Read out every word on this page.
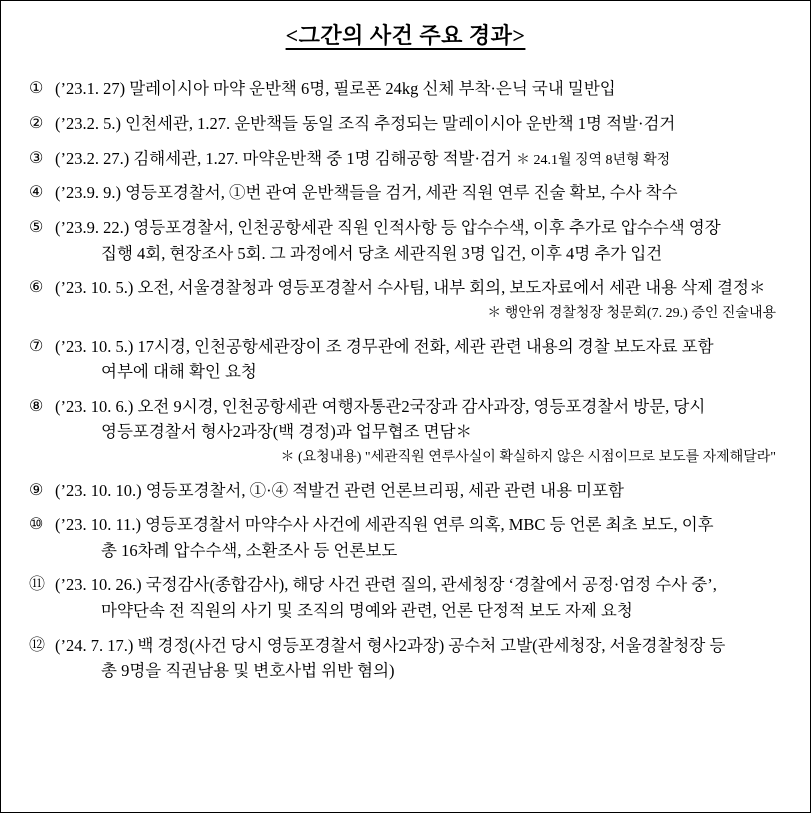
<그간의 사건 주요 경과>
① (’23.1. 27) 말레이시아 마약 운반책 6명, 필로폰 24kg 신체 부착·은닉 국내 밀반입
② (’23.2. 5.) 인천세관, 1.27. 운반책들 동일 조직 추정되는 말레이시아 운반책 1명 적발·검거
③ (’23.2. 27.) 김해세관, 1.27. 마약운반책 중 1명 김해공항 적발·검거 ＊ 24.1월 징역 8년형 확정
④ (’23.9. 9.) 영등포경찰서, ①번 관여 운반책들을 검거, 세관 직원 연루 진술 확보, 수사 착수
⑤ (’23.9. 22.) 영등포경찰서, 인천공항세관 직원 인적사항 등 압수수색, 이후 추가로 압수수색 영장
집행 4회, 현장조사 5회. 그 과정에서 당초 세관직원 3명 입건, 이후 4명 추가 입건
⑥ (’23. 10. 5.) 오전, 서울경찰청과 영등포경찰서 수사팀, 내부 회의, 보도자료에서 세관 내용 삭제 결정＊
＊ 행안위 경찰청장 청문회(7. 29.) 증인 진술내용
⑦ (’23. 10. 5.) 17시경, 인천공항세관장이 조 경무관에 전화, 세관 관련 내용의 경찰 보도자료 포함
여부에 대해 확인 요청
⑧ (’23. 10. 6.) 오전 9시경, 인천공항세관 여행자통관2국장과 감사과장, 영등포경찰서 방문, 당시
영등포경찰서 형사2과장(백 경정)과 업무협조 면담＊
＊ (요청내용) "세관직원 연루사실이 확실하지 않은 시점이므로 보도를 자제해달라"
⑨ (’23. 10. 10.) 영등포경찰서, ①·④ 적발건 관련 언론브리핑, 세관 관련 내용 미포함
⑩ (’23. 10. 11.) 영등포경찰서 마약수사 사건에 세관직원 연루 의혹, MBC 등 언론 최초 보도, 이후
총 16차례 압수수색, 소환조사 등 언론보도
⑪ (’23. 10. 26.) 국정감사(종합감사), 해당 사건 관련 질의, 관세청장 ‘경찰에서 공정·엄정 수사 중’,
마약단속 전 직원의 사기 및 조직의 명예와 관련, 언론 단정적 보도 자제 요청
⑫ (’24. 7. 17.) 백 경정(사건 당시 영등포경찰서 형사2과장) 공수처 고발(관세청장, 서울경찰청장 등
총 9명을 직권남용 및 변호사법 위반 혐의)
